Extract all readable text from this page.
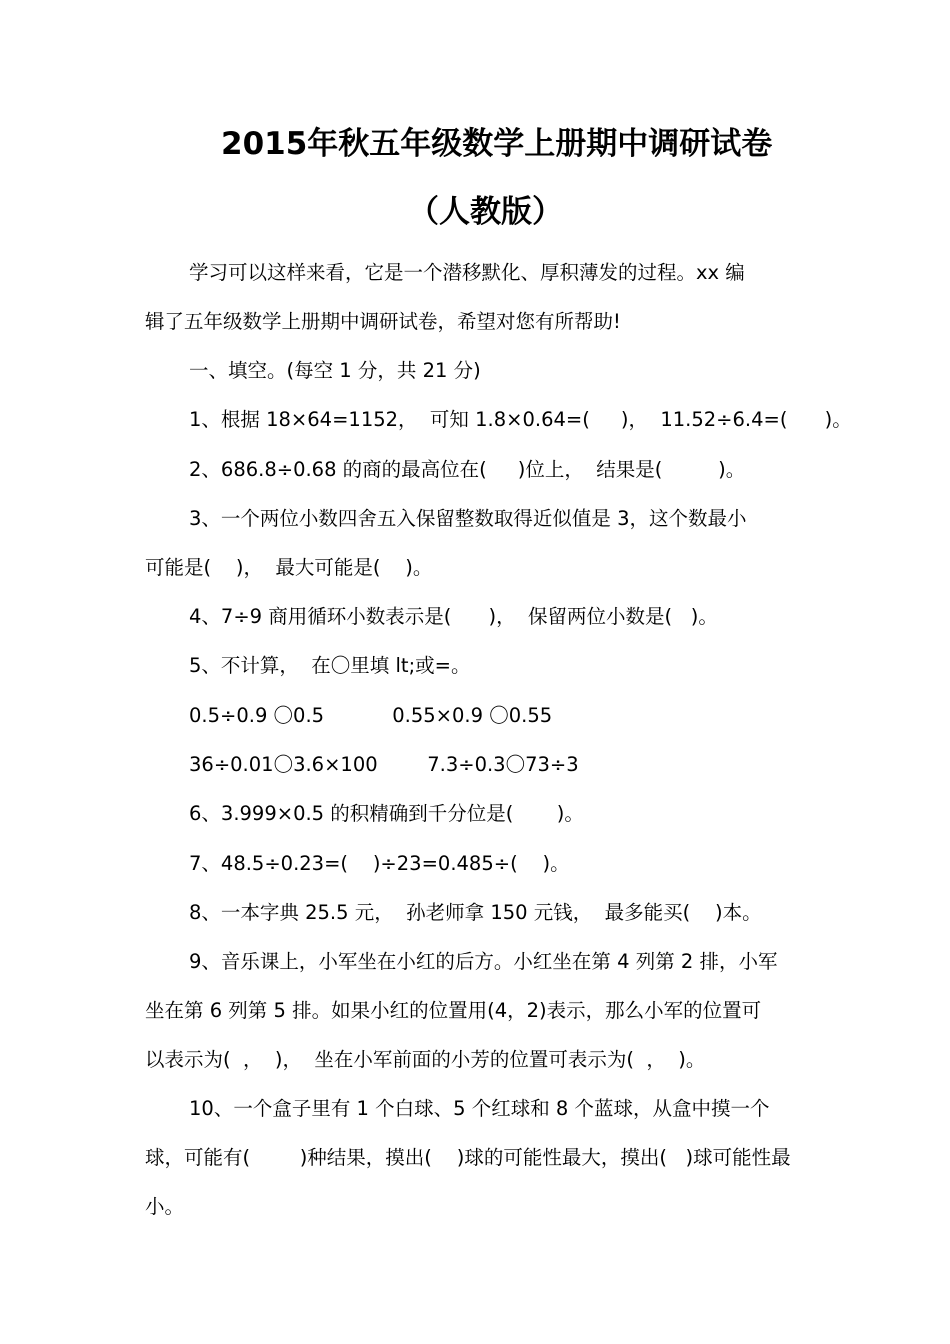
2015年秋五年级数学上册期中调研试卷
（人教版）
学习可以这样来看，它是一个潜移默化、厚积薄发的过程。xx 编
辑了五年级数学上册期中调研试卷，希望对您有所帮助!
一、填空。(每空 1 分，共 21 分)
1、根据 18×64=1152，  可知 1.8×0.64=(     )，  11.52÷6.4=(      )。
2、686.8÷0.68 的商的最高位在(     )位上，  结果是(         )。
3、一个两位小数四舍五入保留整数取得近似值是 3，这个数最小
可能是(    )，  最大可能是(    )。
4、7÷9 商用循环小数表示是(      )，  保留两位小数是(   )。
5、不计算，  在〇里填 lt;或=。
0.5÷0.9 〇0.5           0.55×0.9 〇0.55
36÷0.01〇3.6×100        7.3÷0.3〇73÷3
6、3.999×0.5 的积精确到千分位是(       )。
7、48.5÷0.23=(    )÷23=0.485÷(    )。
8、一本字典 25.5 元，  孙老师拿 150 元钱，  最多能买(    )本。
9、音乐课上，小军坐在小红的后方。小红坐在第 4 列第 2 排，小军
坐在第 6 列第 5 排。如果小红的位置用(4，2)表示，那么小军的位置可
以表示为(  ，  )，  坐在小军前面的小芳的位置可表示为(  ，  )。
10、一个盒子里有 1 个白球、5 个红球和 8 个蓝球，从盒中摸一个
球，可能有(        )种结果，摸出(    )球的可能性最大，摸出(   )球可能性最
小。
